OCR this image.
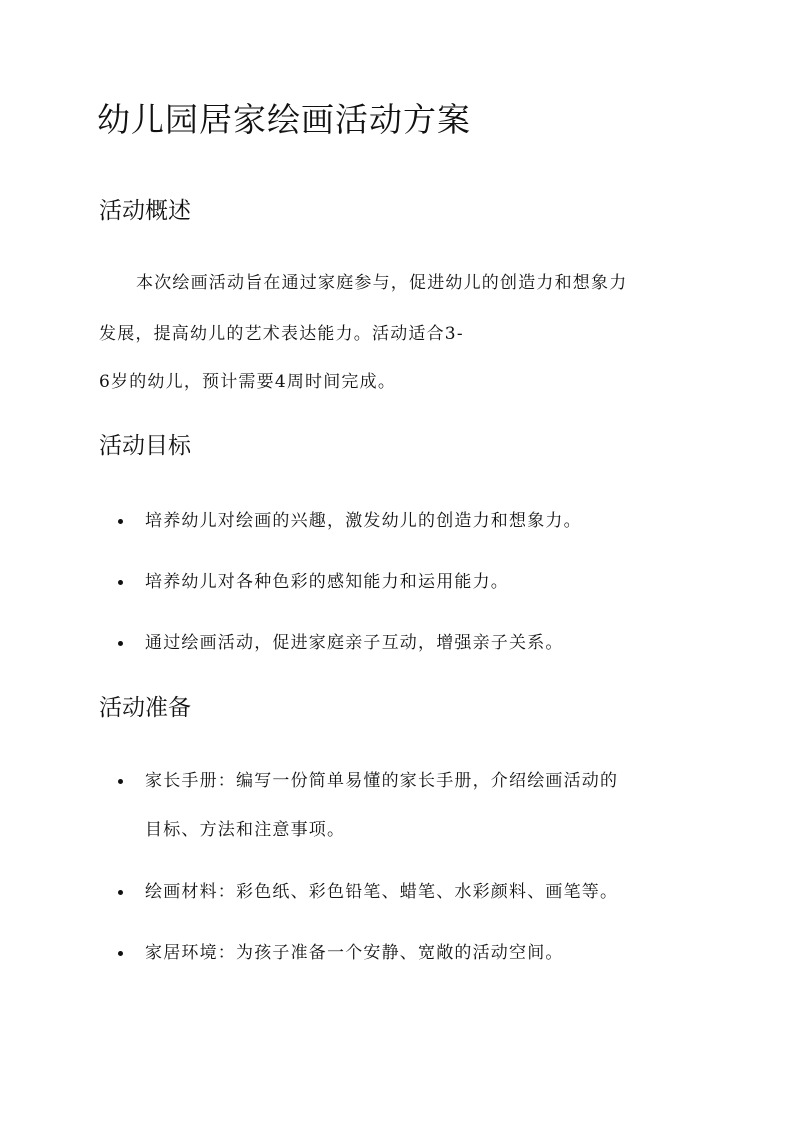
幼儿园居家绘画活动方案
活动概述

本次绘画活动旨在通过家庭参与，促进幼儿的创造力和想象力

发展，提高幼儿的艺术表达能力。活动适合3-

6岁的幼儿，预计需要4周时间完成。

活动目标

培养幼儿对绘画的兴趣，激发幼儿的创造力和想象力。

培养幼儿对各种色彩的感知能力和运用能力。

通过绘画活动，促进家庭亲子互动，增强亲子关系。

活动准备

家长手册：编写一份简单易懂的家长手册，介绍绘画活动的

目标、方法和注意事项。

绘画材料：彩色纸、彩色铅笔、蜡笔、水彩颜料、画笔等。

家居环境：为孩子准备一个安静、宽敞的活动空间。
